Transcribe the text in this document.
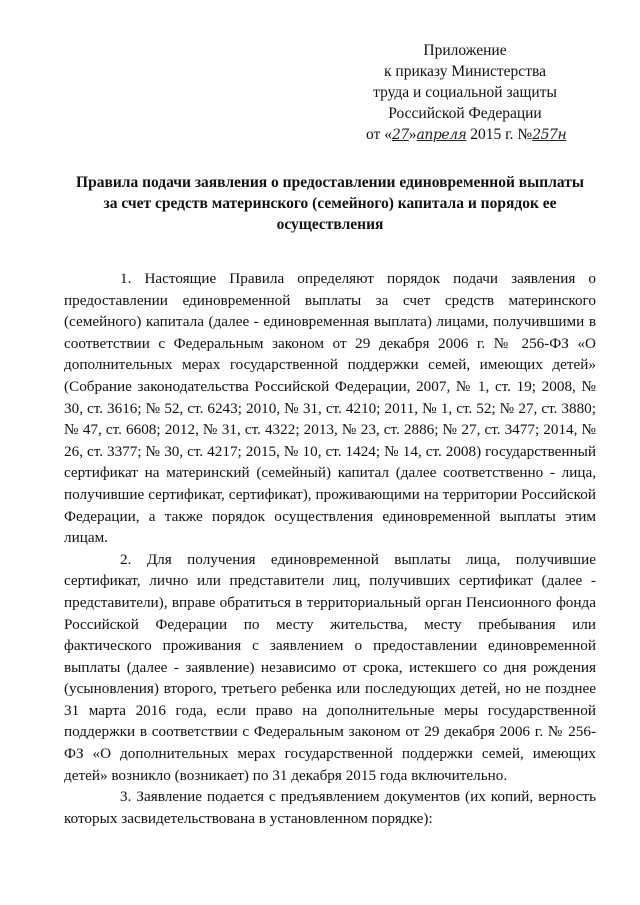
Приложение
к приказу Министерства
труда и социальной защиты
Российской Федерации
от «27»апреля 2015 г. №257н
Правила подачи заявления о предоставлении единовременной выплаты
за счет средств материнского (семейного) капитала и порядок ее
осуществления

1. Настоящие Правила определяют порядок подачи заявления о предоставлении единовременной выплаты за счет средств материнского (семейного) капитала (далее - единовременная выплата) лицами, получившими в соответствии с Федеральным законом от 29 декабря 2006 г. № 256-ФЗ «О дополнительных мерах государственной поддержки семей, имеющих детей» (Собрание законодательства Российской Федерации, 2007, № 1, ст. 19; 2008, № 30, ст. 3616; № 52, ст. 6243; 2010, № 31, ст. 4210; 2011, № 1, ст. 52; № 27, ст. 3880; № 47, ст. 6608; 2012, № 31, ст. 4322; 2013, № 23, ст. 2886; № 27, ст. 3477; 2014, № 26, ст. 3377; № 30, ст. 4217; 2015, № 10, ст. 1424; № 14, ст. 2008) государственный сертификат на материнский (семейный) капитал (далее соответственно - лица, получившие сертификат, сертификат), проживающими на территории Российской Федерации, а также порядок осуществления единовременной выплаты этим лицам.

2. Для получения единовременной выплаты лица, получившие сертификат, лично или представители лиц, получивших сертификат (далее - представители), вправе обратиться в территориальный орган Пенсионного фонда Российской Федерации по месту жительства, месту пребывания или фактического проживания с заявлением о предоставлении единовременной выплаты (далее - заявление) независимо от срока, истекшего со дня рождения (усыновления) второго, третьего ребенка или последующих детей, но не позднее 31 марта 2016 года, если право на дополнительные меры государственной поддержки в соответствии с Федеральным законом от 29 декабря 2006 г. № 256-ФЗ «О дополнительных мерах государственной поддержки семей, имеющих детей» возникло (возникает) по 31 декабря 2015 года включительно.

3. Заявление подается с предъявлением документов (их копий, верность которых засвидетельствована в установленном порядке):
